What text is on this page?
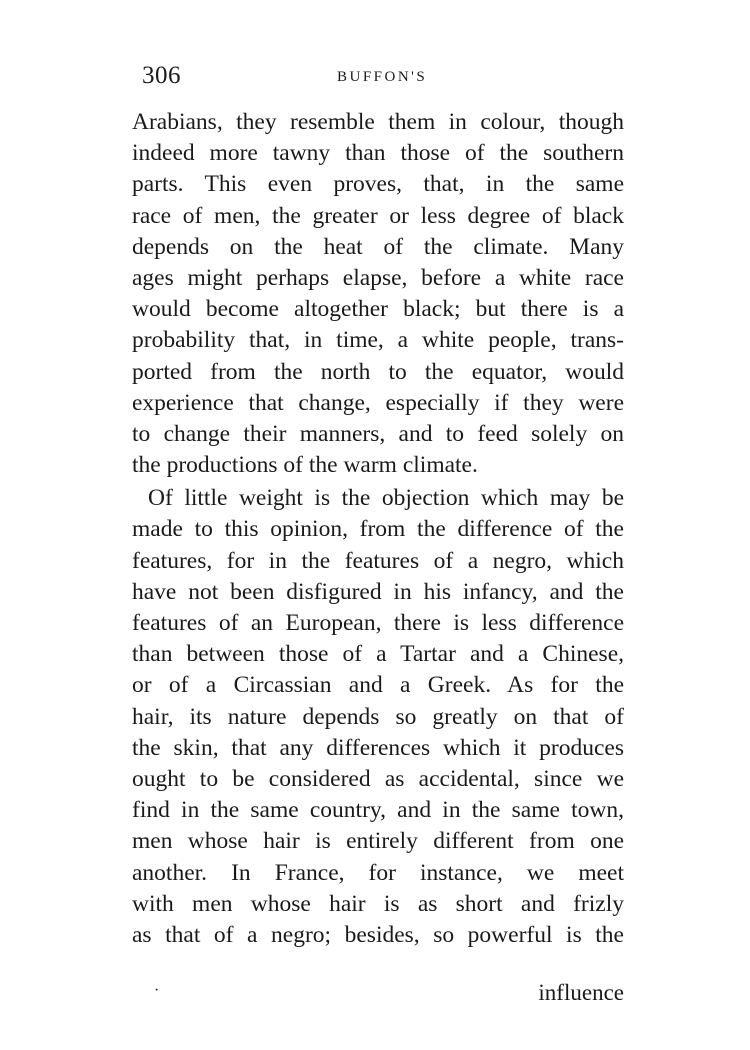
306	BUFFON'S
Arabians, they resemble them in colour, though
indeed more tawny than those of the southern
parts. This even proves, that, in the same
race of men, the greater or less degree of black
depends on the heat of the climate. Many
ages might perhaps elapse, before a white race
would become altogether black; but there is a
probability that, in time, a white people, trans-
ported from the north to the equator, would
experience that change, especially if they were
to change their manners, and to feed solely on
the productions of the warm climate.
Of little weight is the objection which may be
made to this opinion, from the difference of the
features, for in the features of a negro, which
have not been disfigured in his infancy, and the
features of an European, there is less difference
than between those of a Tartar and a Chinese,
or of a Circassian and a Greek. As for the
hair, its nature depends so greatly on that of
the skin, that any differences which it produces
ought to be considered as accidental, since we
find in the same country, and in the same town,
men whose hair is entirely different from one
another. In France, for instance, we meet
with men whose hair is as short and frizly
as that of a negro; besides, so powerful is the
·	influence
